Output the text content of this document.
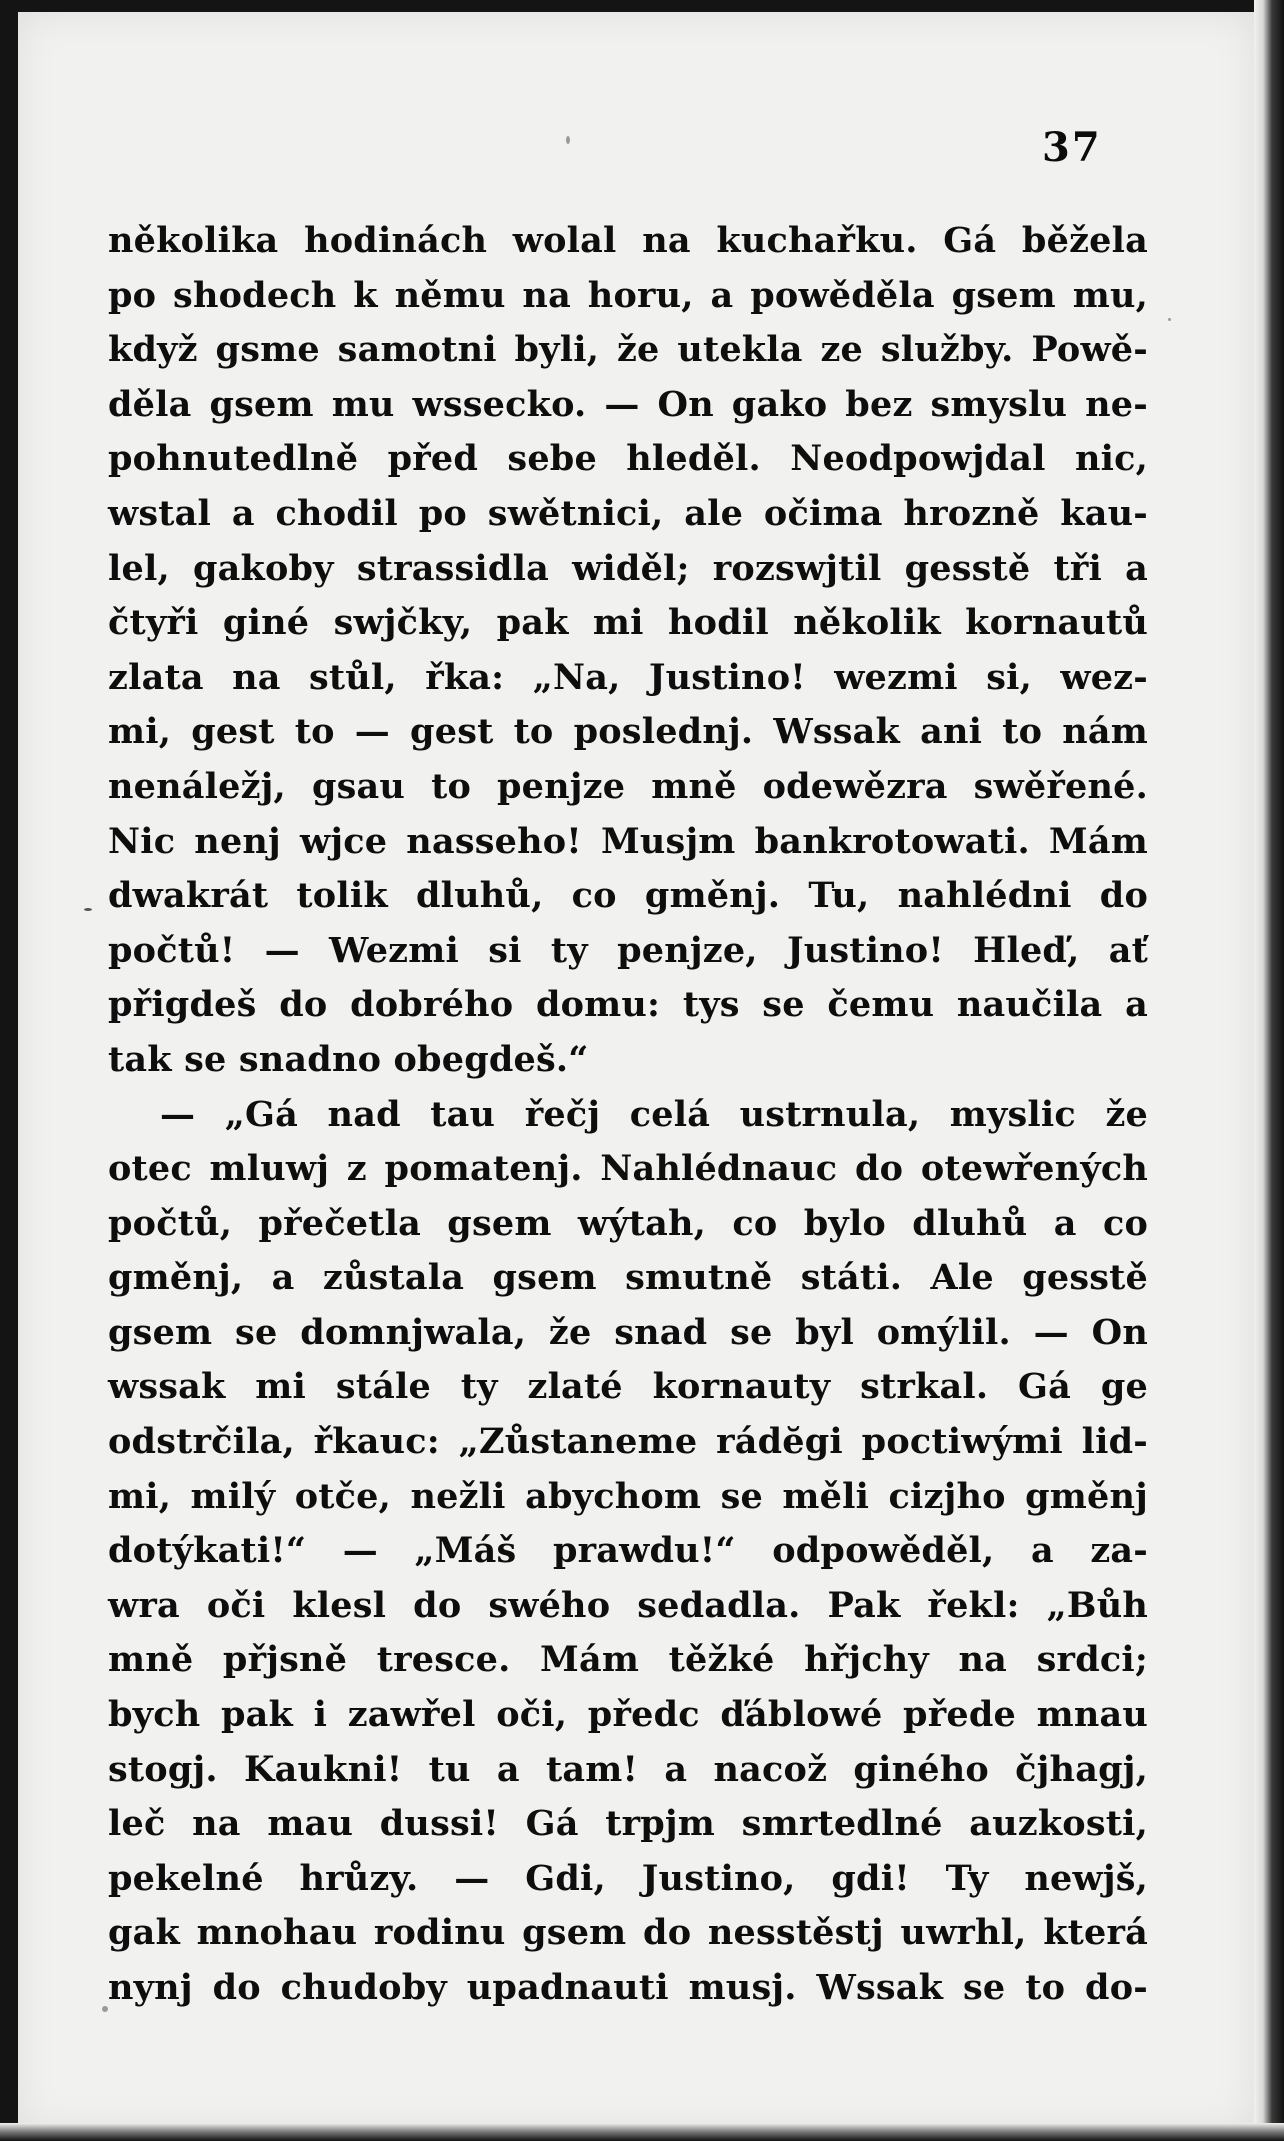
37
několika hodinách wolal na kuchařku. Gá běžela
po shodech k němu na horu, a powěděla gsem mu,
když gsme samotni byli, že utekla ze služby. Powě-
děla gsem mu wssecko. — On gako bez smyslu ne-
pohnutedlně před sebe hleděl. Neodpowjdal nic,
wstal a chodil po swětnici, ale očima hrozně kau-
lel, gakoby strassidla widěl; rozswjtil gesstě tři a
čtyři giné swjčky, pak mi hodil několik kornautů
zlata na stůl, řka: „Na, Justino! wezmi si, wez-
mi, gest to — gest to poslednj. Wssak ani to nám
nenáležj, gsau to penjze mně odewězra swěřené.
Nic nenj wjce nasseho! Musjm bankrotowati. Mám
dwakrát tolik dluhů, co gměnj. Tu, nahlédni do
počtů! — Wezmi si ty penjze, Justino! Hleď, ať
přigdeš do dobrého domu: tys se čemu naučila a
tak se snadno obegdeš.“
— „Gá nad tau řečj celá ustrnula, myslic že
otec mluwj z pomatenj. Nahlédnauc do otewřených
počtů, přečetla gsem wýtah, co bylo dluhů a co
gměnj, a zůstala gsem smutně státi. Ale gesstě
gsem se domnjwala, že snad se byl omýlil. — On
wssak mi stále ty zlaté kornauty strkal. Gá ge
odstrčila, řkauc: „Zůstaneme rádĕgi poctiwými lid-
mi, milý otče, nežli abychom se měli cizjho gměnj
dotýkati!“ — „Máš prawdu!“ odpowěděl, a za-
wra oči klesl do swého sedadla. Pak řekl: „Bůh
mně přjsně tresce. Mám těžké hřjchy na srdci;
bych pak i zawřel oči, předc ďáblowé přede mnau
stogj. Kaukni! tu a tam! a nacož giného čjhagj,
leč na mau dussi! Gá trpjm smrtedlné auzkosti,
pekelné hrůzy. — Gdi, Justino, gdi! Ty newjš,
gak mnohau rodinu gsem do nesstěstj uwrhl, která
nynj do chudoby upadnauti musj. Wssak se to do-
